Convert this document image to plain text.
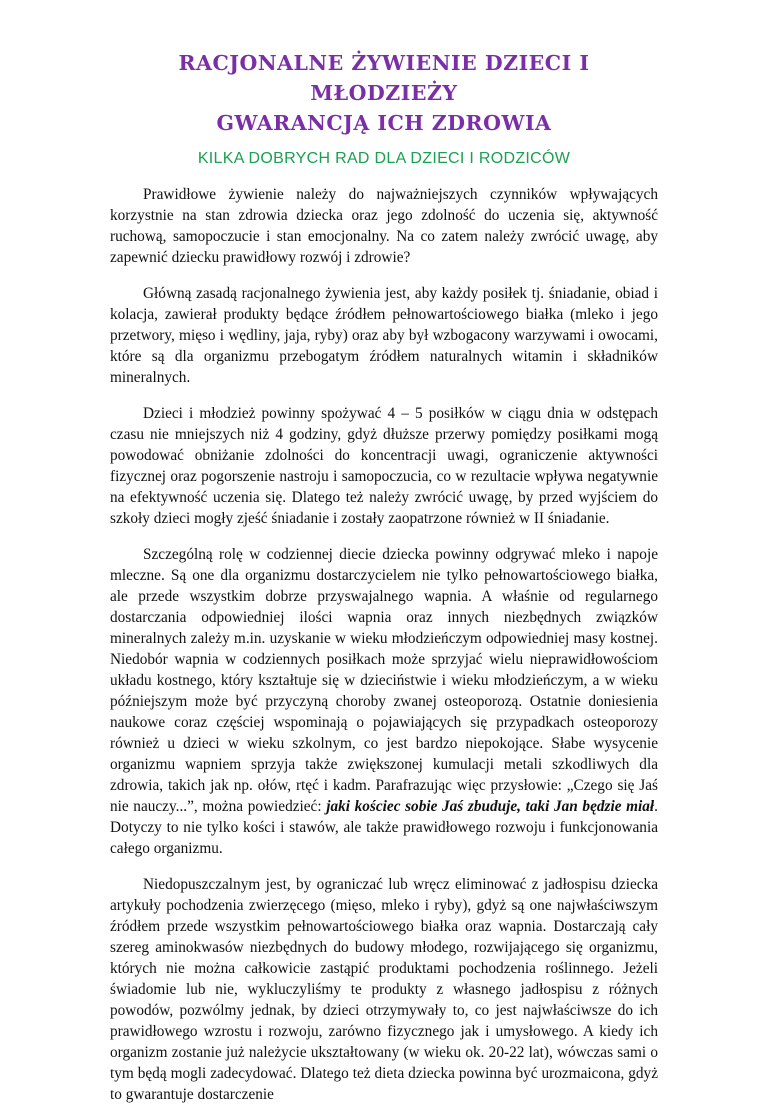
RACJONALNE ŻYWIENIE DZIECI I MŁODZIEŻY
GWARANCJĄ ICH ZDROWIA

KILKA DOBRYCH RAD DLA DZIECI I RODZICÓW

Prawidłowe żywienie należy do najważniejszych czynników wpływających korzystnie na stan zdrowia dziecka oraz jego zdolność do uczenia się, aktywność ruchową, samopoczucie i stan emocjonalny. Na co zatem należy zwrócić uwagę, aby zapewnić dziecku prawidłowy rozwój i zdrowie?

Główną zasadą racjonalnego żywienia jest, aby każdy posiłek tj. śniadanie, obiad i kolacja, zawierał produkty będące źródłem pełnowartościowego białka (mleko i jego przetwory, mięso i wędliny, jaja, ryby) oraz aby był wzbogacony warzywami i owocami, które są dla organizmu przebogatym źródłem naturalnych witamin i składników mineralnych.

Dzieci i młodzież powinny spożywać 4 – 5 posiłków w ciągu dnia w odstępach czasu nie mniejszych niż 4 godziny, gdyż dłuższe przerwy pomiędzy posiłkami mogą powodować obniżanie zdolności do koncentracji uwagi, ograniczenie aktywności fizycznej oraz pogorszenie nastroju i samopoczucia, co w rezultacie wpływa negatywnie na efektywność uczenia się. Dlatego też należy zwrócić uwagę, by przed wyjściem do szkoły dzieci mogły zjeść śniadanie i zostały zaopatrzone również w II śniadanie.

Szczególną rolę w codziennej diecie dziecka powinny odgrywać mleko i napoje mleczne. Są one dla organizmu dostarczycielem nie tylko pełnowartościowego białka, ale przede wszystkim dobrze przyswajalnego wapnia. A właśnie od regularnego dostarczania odpowiedniej ilości wapnia oraz innych niezbędnych związków mineralnych zależy m.in. uzyskanie w wieku młodzieńczym odpowiedniej masy kostnej. Niedobór wapnia w codziennych posiłkach może sprzyjać wielu nieprawidłowościom układu kostnego, który kształtuje się w dzieciństwie i wieku młodzieńczym, a w wieku późniejszym może być przyczyną choroby zwanej osteoporozą. Ostatnie doniesienia naukowe coraz częściej wspominają o pojawiających się przypadkach osteoporozy również u dzieci w wieku szkolnym, co jest bardzo niepokojące. Słabe wysycenie organizmu wapniem sprzyja także zwiększonej kumulacji metali szkodliwych dla zdrowia, takich jak np. ołów, rtęć i kadm. Parafrazując więc przysłowie: „Czego się Jaś nie nauczy...”, można powiedzieć: jaki kościec sobie Jaś zbuduje, taki Jan będzie miał. Dotyczy to nie tylko kości i stawów, ale także prawidłowego rozwoju i funkcjonowania całego organizmu.

Niedopuszczalnym jest, by ograniczać lub wręcz eliminować z jadłospisu dziecka artykuły pochodzenia zwierzęcego (mięso, mleko i ryby), gdyż są one najwłaściwszym źródłem przede wszystkim pełnowartościowego białka oraz wapnia. Dostarczają cały szereg aminokwasów niezbędnych do budowy młodego, rozwijającego się organizmu, których nie można całkowicie zastąpić produktami pochodzenia roślinnego. Jeżeli świadomie lub nie, wykluczyliśmy te produkty z własnego jadłospisu z różnych powodów, pozwólmy jednak, by dzieci otrzymywały to, co jest najwłaściwsze do ich prawidłowego wzrostu i rozwoju, zarówno fizycznego jak i umysłowego. A kiedy ich organizm zostanie już należycie ukształtowany (w wieku ok. 20-22 lat), wówczas sami o tym będą mogli zadecydować. Dlatego też dieta dziecka powinna być urozmaicona, gdyż to gwarantuje dostarczenie
